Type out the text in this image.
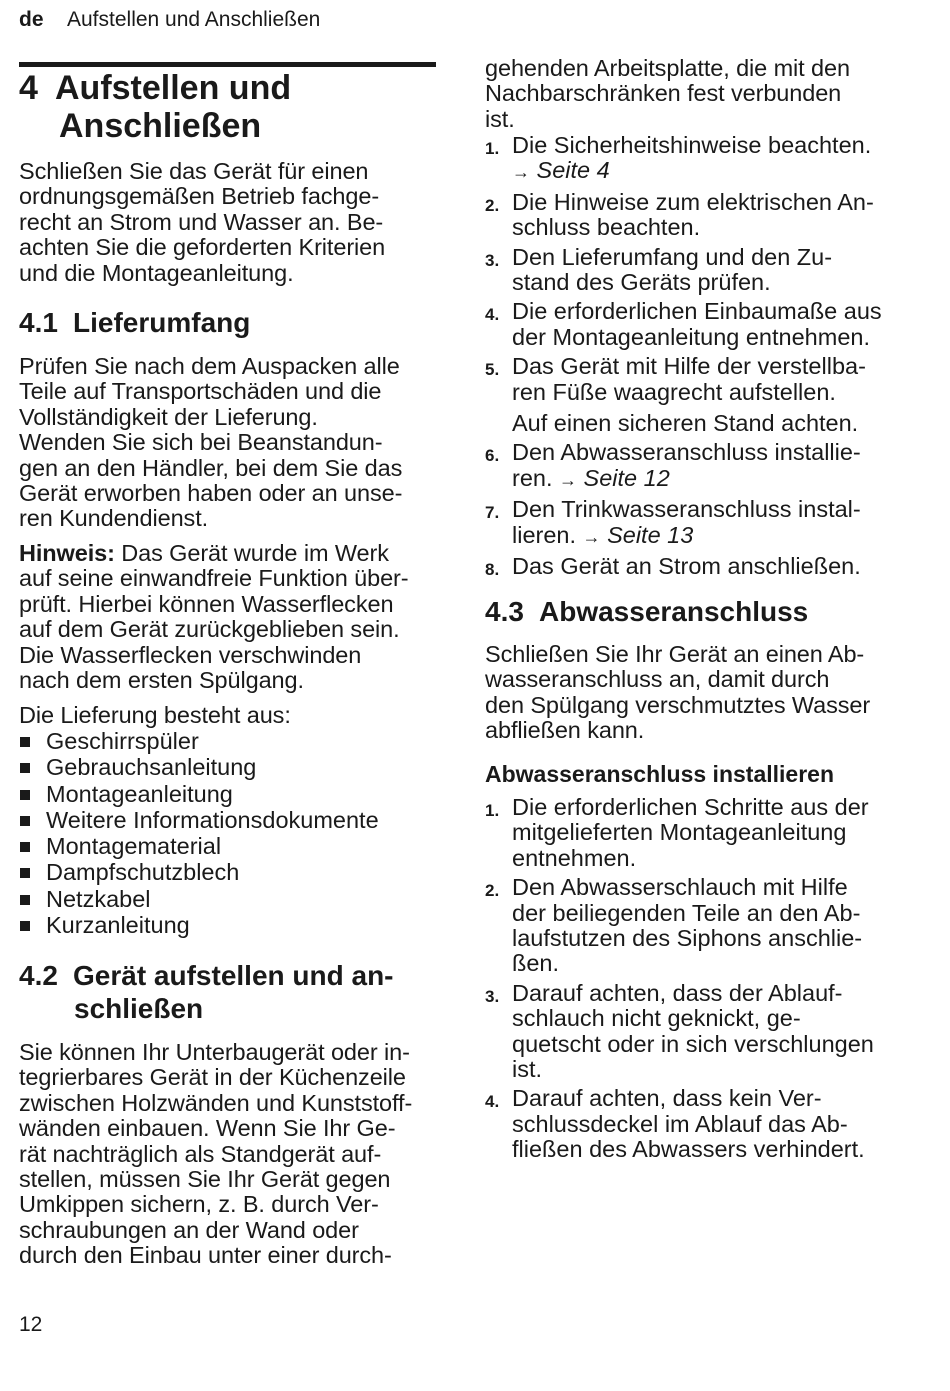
de Aufstellen und Anschließen
4 Aufstellen und
Anschließen
Schließen Sie das Gerät für einen
ordnungsgemäßen Betrieb fachge-
recht an Strom und Wasser an. Be-
achten Sie die geforderten Kriterien
und die Montageanleitung.
4.1 Lieferumfang
Prüfen Sie nach dem Auspacken alle
Teile auf Transportschäden und die
Vollständigkeit der Lieferung.
Wenden Sie sich bei Beanstandun-
gen an den Händler, bei dem Sie das
Gerät erworben haben oder an unse-
ren Kundendienst.

Hinweis: Das Gerät wurde im Werk

auf seine einwandfreie Funktion über-
prüft. Hierbei können Wasserflecken
auf dem Gerät zurückgeblieben sein.
Die Wasserflecken verschwinden
nach dem ersten Spülgang.
Die Lieferung besteht aus:
Geschirrspüler
Gebrauchsanleitung
Montageanleitung
Weitere Informationsdokumente
Montagematerial
Dampfschutzblech
Netzkabel
Kurzanleitung
4.2 Gerät aufstellen und an-
schließen
Sie können Ihr Unterbaugerät oder in-
tegrierbares Gerät in der Küchenzeile
zwischen Holzwänden und Kunststoff-
wänden einbauen. Wenn Sie Ihr Ge-
rät nachträglich als Standgerät auf-
stellen, müssen Sie Ihr Gerät gegen
Umkippen sichern, z. B. durch Ver-
schraubungen an der Wand oder
durch den Einbau unter einer durch-
gehenden Arbeitsplatte, die mit den
Nachbarschränken fest verbunden
ist.
1. Die Sicherheitshinweise beachten.
→ Seite 4
2. Die Hinweise zum elektrischen An-
schluss beachten.
3. Den Lieferumfang und den Zu-
stand des Geräts prüfen.
4. Die erforderlichen Einbaumaße aus
der Montageanleitung entnehmen.
5. Das Gerät mit Hilfe der verstellba-
ren Füße waagrecht aufstellen.
Auf einen sicheren Stand achten.
6. Den Abwasseranschluss installie-
ren. → Seite 12
7. Den Trinkwasseranschluss instal-
lieren. → Seite 13
8. Das Gerät an Strom anschließen.
4.3 Abwasseranschluss
Schließen Sie Ihr Gerät an einen Ab-
wasseranschluss an, damit durch
den Spülgang verschmutztes Wasser
abfließen kann.
Abwasseranschluss installieren
1. Die erforderlichen Schritte aus der
mitgelieferten Montageanleitung
entnehmen.
2. Den Abwasserschlauch mit Hilfe
der beiliegenden Teile an den Ab-
laufstutzen des Siphons anschlie-
ßen.
3. Darauf achten, dass der Ablauf-
schlauch nicht geknickt, ge-
quetscht oder in sich verschlungen
ist.
4. Darauf achten, dass kein Ver-
schlussdeckel im Ablauf das Ab-
fließen des Abwassers verhindert.
12
